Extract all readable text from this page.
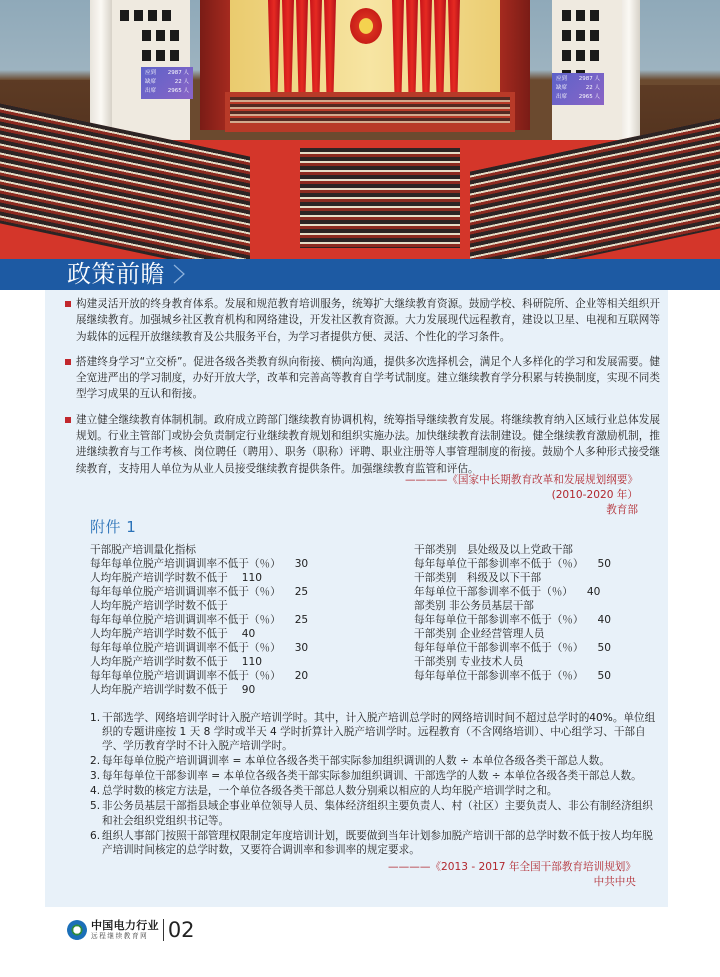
应到 2987 人
缺席	22 人
出席 2965 人
应到 2987 人
缺席	22 人
出席 2965 人
政策前瞻
构建灵活开放的终身教育体系。发展和规范教育培训服务，统筹扩大继续教育资源。鼓励学校、科研院所、企业等相关组织开展继续教育。加强城乡社区教育机构和网络建设，开发社区教育资源。大力发展现代远程教育，建设以卫星、电视和互联网等为载体的远程开放继续教育及公共服务平台，为学习者提供方便、灵活、个性化的学习条件。
搭建终身学习“立交桥”。促进各级各类教育纵向衔接、横向沟通，提供多次选择机会，满足个人多样化的学习和发展需要。健全宽进严出的学习制度，办好开放大学，改革和完善高等教育自学考试制度。建立继续教育学分积累与转换制度，实现不同类型学习成果的互认和衔接。
建立健全继续教育体制机制。政府成立跨部门继续教育协调机构，统筹指导继续教育发展。将继续教育纳入区域行业总体发展规划。行业主管部门或协会负责制定行业继续教育规划和组织实施办法。加快继续教育法制建设。健全继续教育激励机制，推进继续教育与工作考核、岗位聘任（聘用）、职务（职称）评聘、职业注册等人事管理制度的衔接。鼓励个人多种形式接受继续教育，支持用人单位为从业人员接受继续教育提供条件。加强继续教育监管和评估。
————《国家中长期教育改革和发展规划纲要》
(2010-2020 年）
教育部
附件 1
干部脱产培训量化指标
每年每单位脱产培训调训率不低于（％） 30
人均年脱产培训学时数不低于 110
每年每单位脱产培训调训率不低于（％） 25
人均年脱产培训学时数不低于
每年每单位脱产培训调训率不低于（％） 25
人均年脱产培训学时数不低于 40
每年每单位脱产培训调训率不低于（％） 30
人均年脱产培训学时数不低于 110
每年每单位脱产培训调训率不低于（％） 20
人均年脱产培训学时数不低于 90
干部类别　县处级及以上党政干部
每年每单位干部参训率不低于（％） 50
干部类别　科级及以下干部
年每单位干部参训率不低于（％） 40
部类别 非公务员基层干部
每年每单位干部参训率不低于（％） 40
干部类别 企业经营管理人员
每年每单位干部参训率不低于（％） 50
干部类别 专业技术人员
每年每单位干部参训率不低于（％） 50
1. 干部选学、网络培训学时计入脱产培训学时。其中，计入脱产培训总学时的网络培训时间不超过总学时的40%。单位组织的专题讲座按 1 天 8 学时或半天 4 学时折算计入脱产培训学时。远程教育（不含网络培训）、中心组学习、干部自学、学历教育学时不计入脱产培训学时。
2. 每年每单位脱产培训调训率 = 本单位各级各类干部实际参加组织调训的人数 ÷ 本单位各级各类干部总人数。
3. 每年每单位干部参训率 = 本单位各级各类干部实际参加组织调训、干部选学的人数 ÷ 本单位各级各类干部总人数。
4. 总学时数的核定方法是，一个单位各级各类干部总人数分别乘以相应的人均年脱产培训学时之和。
5. 非公务员基层干部指县域企事业单位领导人员、集体经济组织主要负责人、村（社区）主要负责人、非公有制经济组织和社会组织党组织书记等。
6. 组织人事部门按照干部管理权限制定年度培训计划，既要做到当年计划参加脱产培训干部的总学时数不低于按人均年脱产培训时间核定的总学时数，又要符合调训率和参训率的规定要求。
————《2013 - 2017 年全国干部教育培训规划》
中共中央
中国电力行业
远程继续教育网 02
